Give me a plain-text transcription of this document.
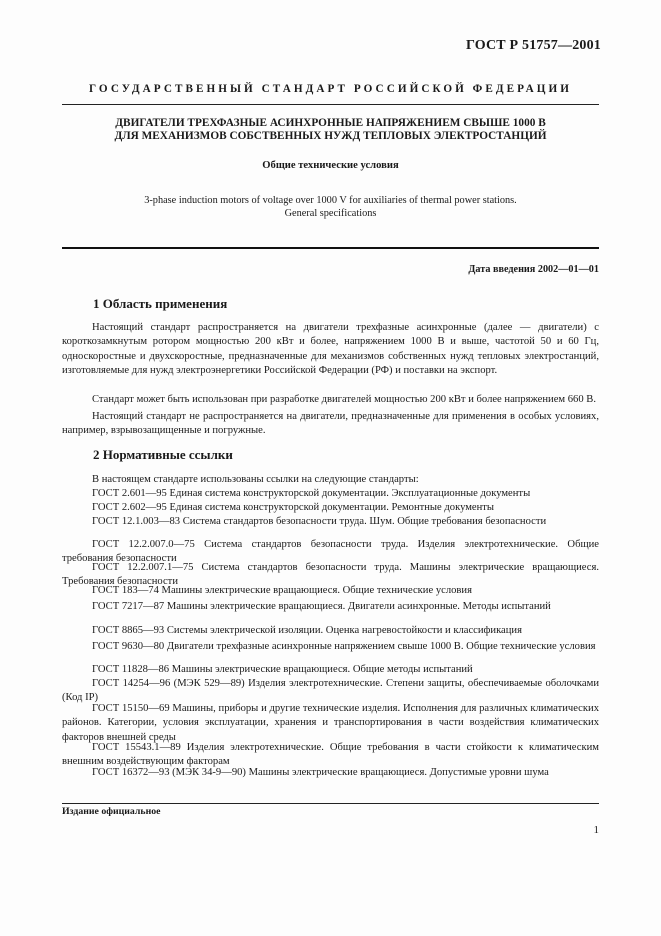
ГОСТ Р 51757—2001
ГОСУДАРСТВЕННЫЙ СТАНДАРТ РОССИЙСКОЙ ФЕДЕРАЦИИ
ДВИГАТЕЛИ ТРЕХФАЗНЫЕ АСИНХРОННЫЕ НАПРЯЖЕНИЕМ СВЫШЕ 1000 В
ДЛЯ МЕХАНИЗМОВ СОБСТВЕННЫХ НУЖД ТЕПЛОВЫХ ЭЛЕКТРОСТАНЦИЙ
Общие технические условия
3-phase induction motors of voltage over 1000 V for auxiliaries of thermal power stations.
General specifications
Дата введения 2002—01—01
1 Область применения
Настоящий стандарт распространяется на двигатели трехфазные асинхронные (далее — двигатели) с короткозамкнутым ротором мощностью 200 кВт и более, напряжением 1000 В и выше, частотой 50 и 60 Гц, односкоростные и двухскоростные, предназначенные для механизмов собственных нужд тепловых электростанций, изготовляемые для нужд электроэнергетики Российской Федерации (РФ) и поставки на экспорт.
Стандарт может быть использован при разработке двигателей мощностью 200 кВт и более напряжением 660 В.
Настоящий стандарт не распространяется на двигатели, предназначенные для применения в особых условиях, например, взрывозащищенные и погружные.
2 Нормативные ссылки
В настоящем стандарте использованы ссылки на следующие стандарты:
ГОСТ 2.601—95 Единая система конструкторской документации. Эксплуатационные документы
ГОСТ 2.602—95 Единая система конструкторской документации. Ремонтные документы
ГОСТ 12.1.003—83 Система стандартов безопасности труда. Шум. Общие требования безопасности
ГОСТ 12.2.007.0—75 Система стандартов безопасности труда. Изделия электротехнические. Общие требования безопасности
ГОСТ 12.2.007.1—75 Система стандартов безопасности труда. Машины электрические вращающиеся. Требования безопасности
ГОСТ 183—74 Машины электрические вращающиеся. Общие технические условия
ГОСТ 7217—87 Машины электрические вращающиеся. Двигатели асинхронные. Методы испытаний
ГОСТ 8865—93 Системы электрической изоляции. Оценка нагревостойкости и классификация
ГОСТ 9630—80 Двигатели трехфазные асинхронные напряжением свыше 1000 В. Общие технические условия
ГОСТ 11828—86 Машины электрические вращающиеся. Общие методы испытаний
ГОСТ 14254—96 (МЭК 529—89) Изделия электротехнические. Степени защиты, обеспечиваемые оболочками (Код IP)
ГОСТ 15150—69 Машины, приборы и другие технические изделия. Исполнения для различных климатических районов. Категории, условия эксплуатации, хранения и транспортирования в части воздействия климатических факторов внешней среды
ГОСТ 15543.1—89 Изделия электротехнические. Общие требования в части стойкости к климатическим внешним воздействующим факторам
ГОСТ 16372—93 (МЭК 34-9—90) Машины электрические вращающиеся. Допустимые уровни шума
Издание официальное
1
